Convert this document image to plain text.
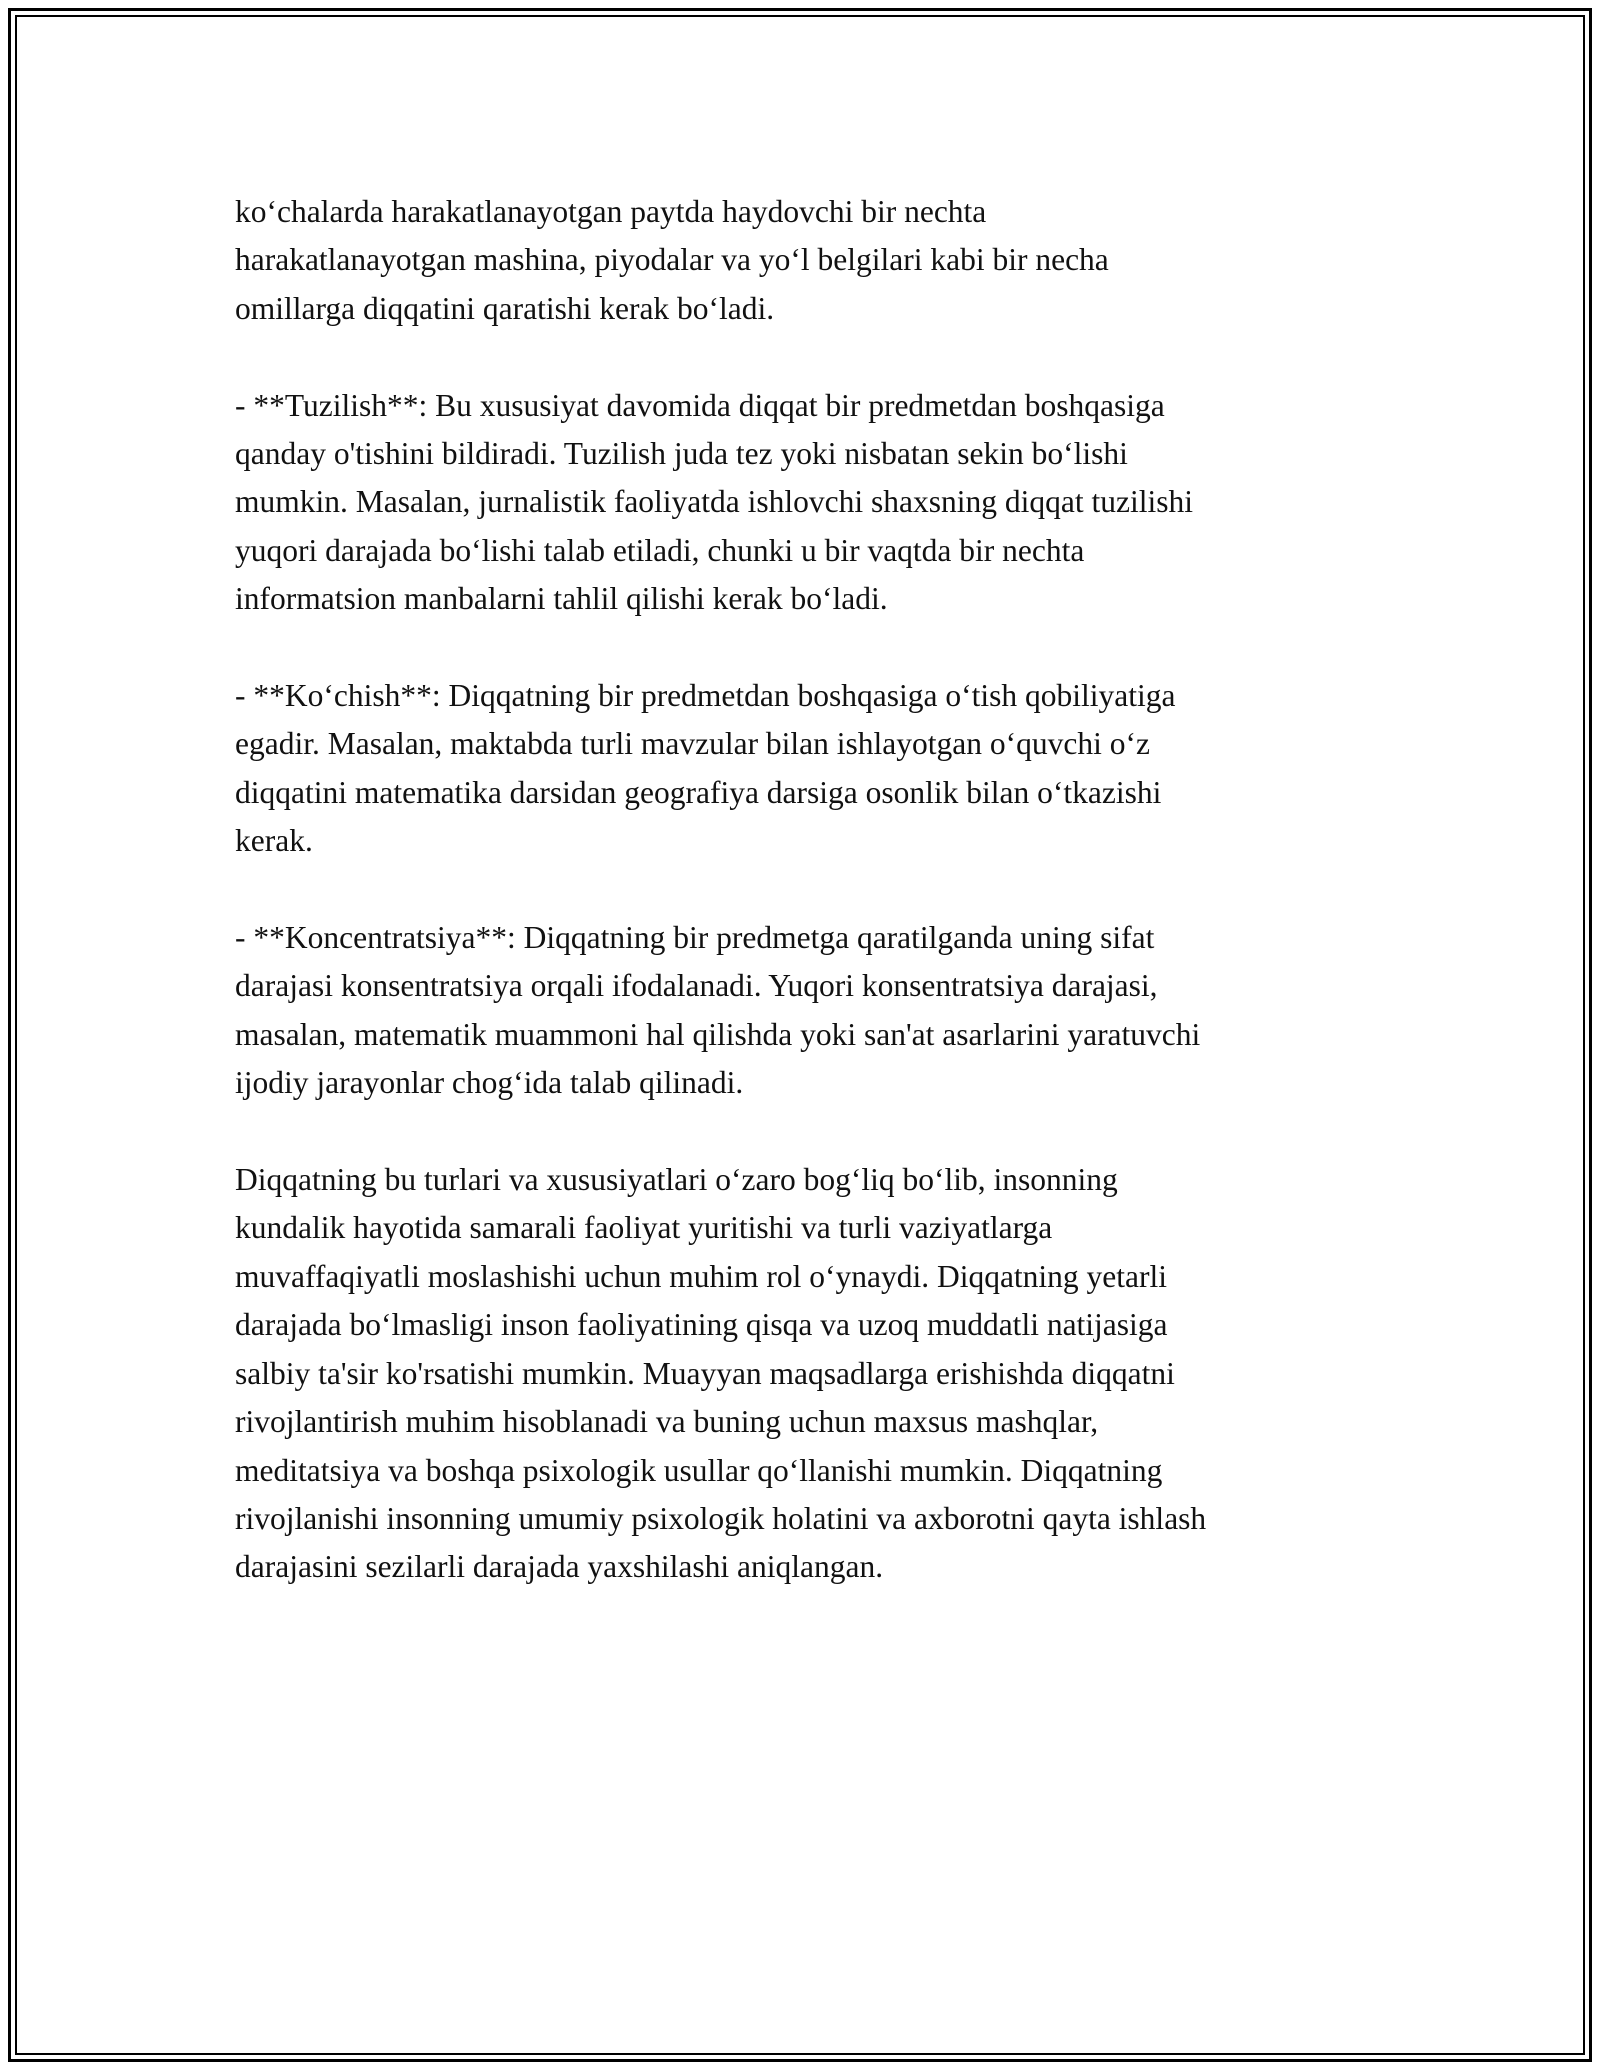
ko‘chalarda harakatlanayotgan paytda haydovchi bir nechta
harakatlanayotgan mashina, piyodalar va yo‘l belgilari kabi bir necha
omillarga diqqatini qaratishi kerak bo‘ladi.

- **Tuzilish**: Bu xususiyat davomida diqqat bir predmetdan boshqasiga
qanday o'tishini bildiradi. Tuzilish juda tez yoki nisbatan sekin bo‘lishi
mumkin. Masalan, jurnalistik faoliyatda ishlovchi shaxsning diqqat tuzilishi
yuqori darajada bo‘lishi talab etiladi, chunki u bir vaqtda bir nechta
informatsion manbalarni tahlil qilishi kerak bo‘ladi.

- **Ko‘chish**: Diqqatning bir predmetdan boshqasiga o‘tish qobiliyatiga
egadir. Masalan, maktabda turli mavzular bilan ishlayotgan o‘quvchi o‘z
diqqatini matematika darsidan geografiya darsiga osonlik bilan o‘tkazishi
kerak.

- **Koncentratsiya**: Diqqatning bir predmetga qaratilganda uning sifat
darajasi konsentratsiya orqali ifodalanadi. Yuqori konsentratsiya darajasi,
masalan, matematik muammoni hal qilishda yoki san'at asarlarini yaratuvchi
ijodiy jarayonlar chog‘ida talab qilinadi.

Diqqatning bu turlari va xususiyatlari o‘zaro bog‘liq bo‘lib, insonning
kundalik hayotida samarali faoliyat yuritishi va turli vaziyatlarga
muvaffaqiyatli moslashishi uchun muhim rol o‘ynaydi. Diqqatning yetarli
darajada bo‘lmasligi inson faoliyatining qisqa va uzoq muddatli natijasiga
salbiy ta'sir ko'rsatishi mumkin. Muayyan maqsadlarga erishishda diqqatni
rivojlantirish muhim hisoblanadi va buning uchun maxsus mashqlar,
meditatsiya va boshqa psixologik usullar qo‘llanishi mumkin. Diqqatning
rivojlanishi insonning umumiy psixologik holatini va axborotni qayta ishlash
darajasini sezilarli darajada yaxshilashi aniqlangan.
